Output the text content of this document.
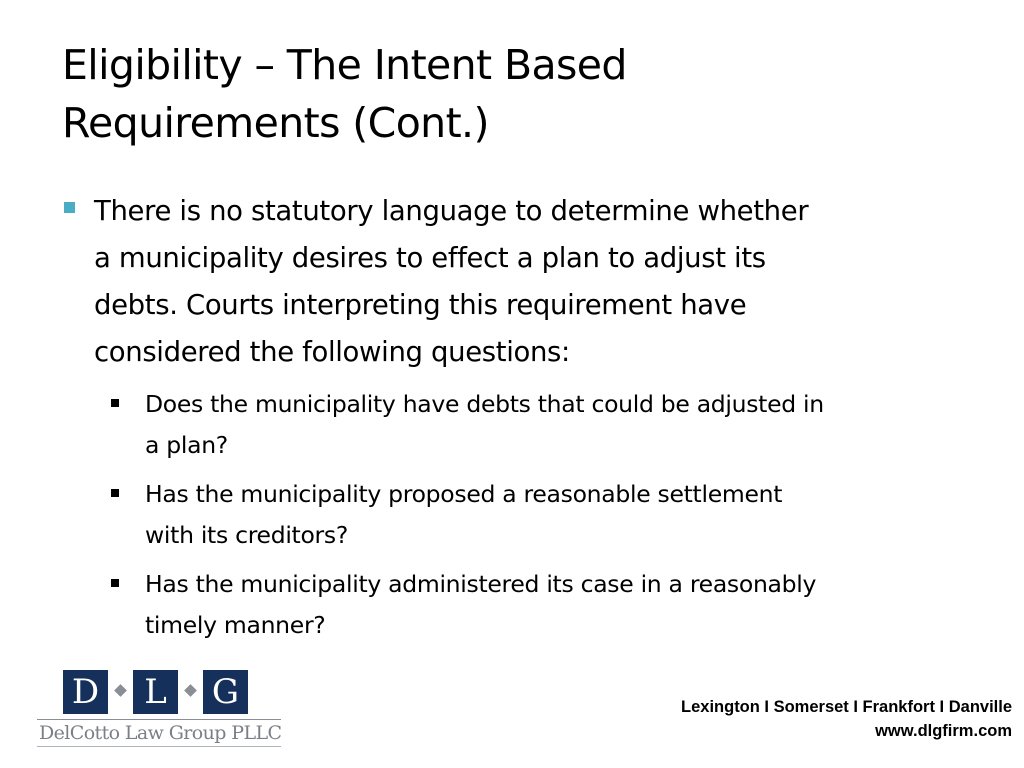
Eligibility – The Intent Based
Requirements (Cont.)
There is no statutory language to determine whether
a municipality desires to effect a plan to adjust its
debts. Courts interpreting this requirement have
considered the following questions:
Does the municipality have debts that could be adjusted in
a plan?
Has the municipality proposed a reasonable settlement
with its creditors?
Has the municipality administered its case in a reasonably
timely manner?
D	L	G
DelCotto Law Group PLLC
Lexington I Somerset I Frankfort I Danville
www.dlgfirm.com
